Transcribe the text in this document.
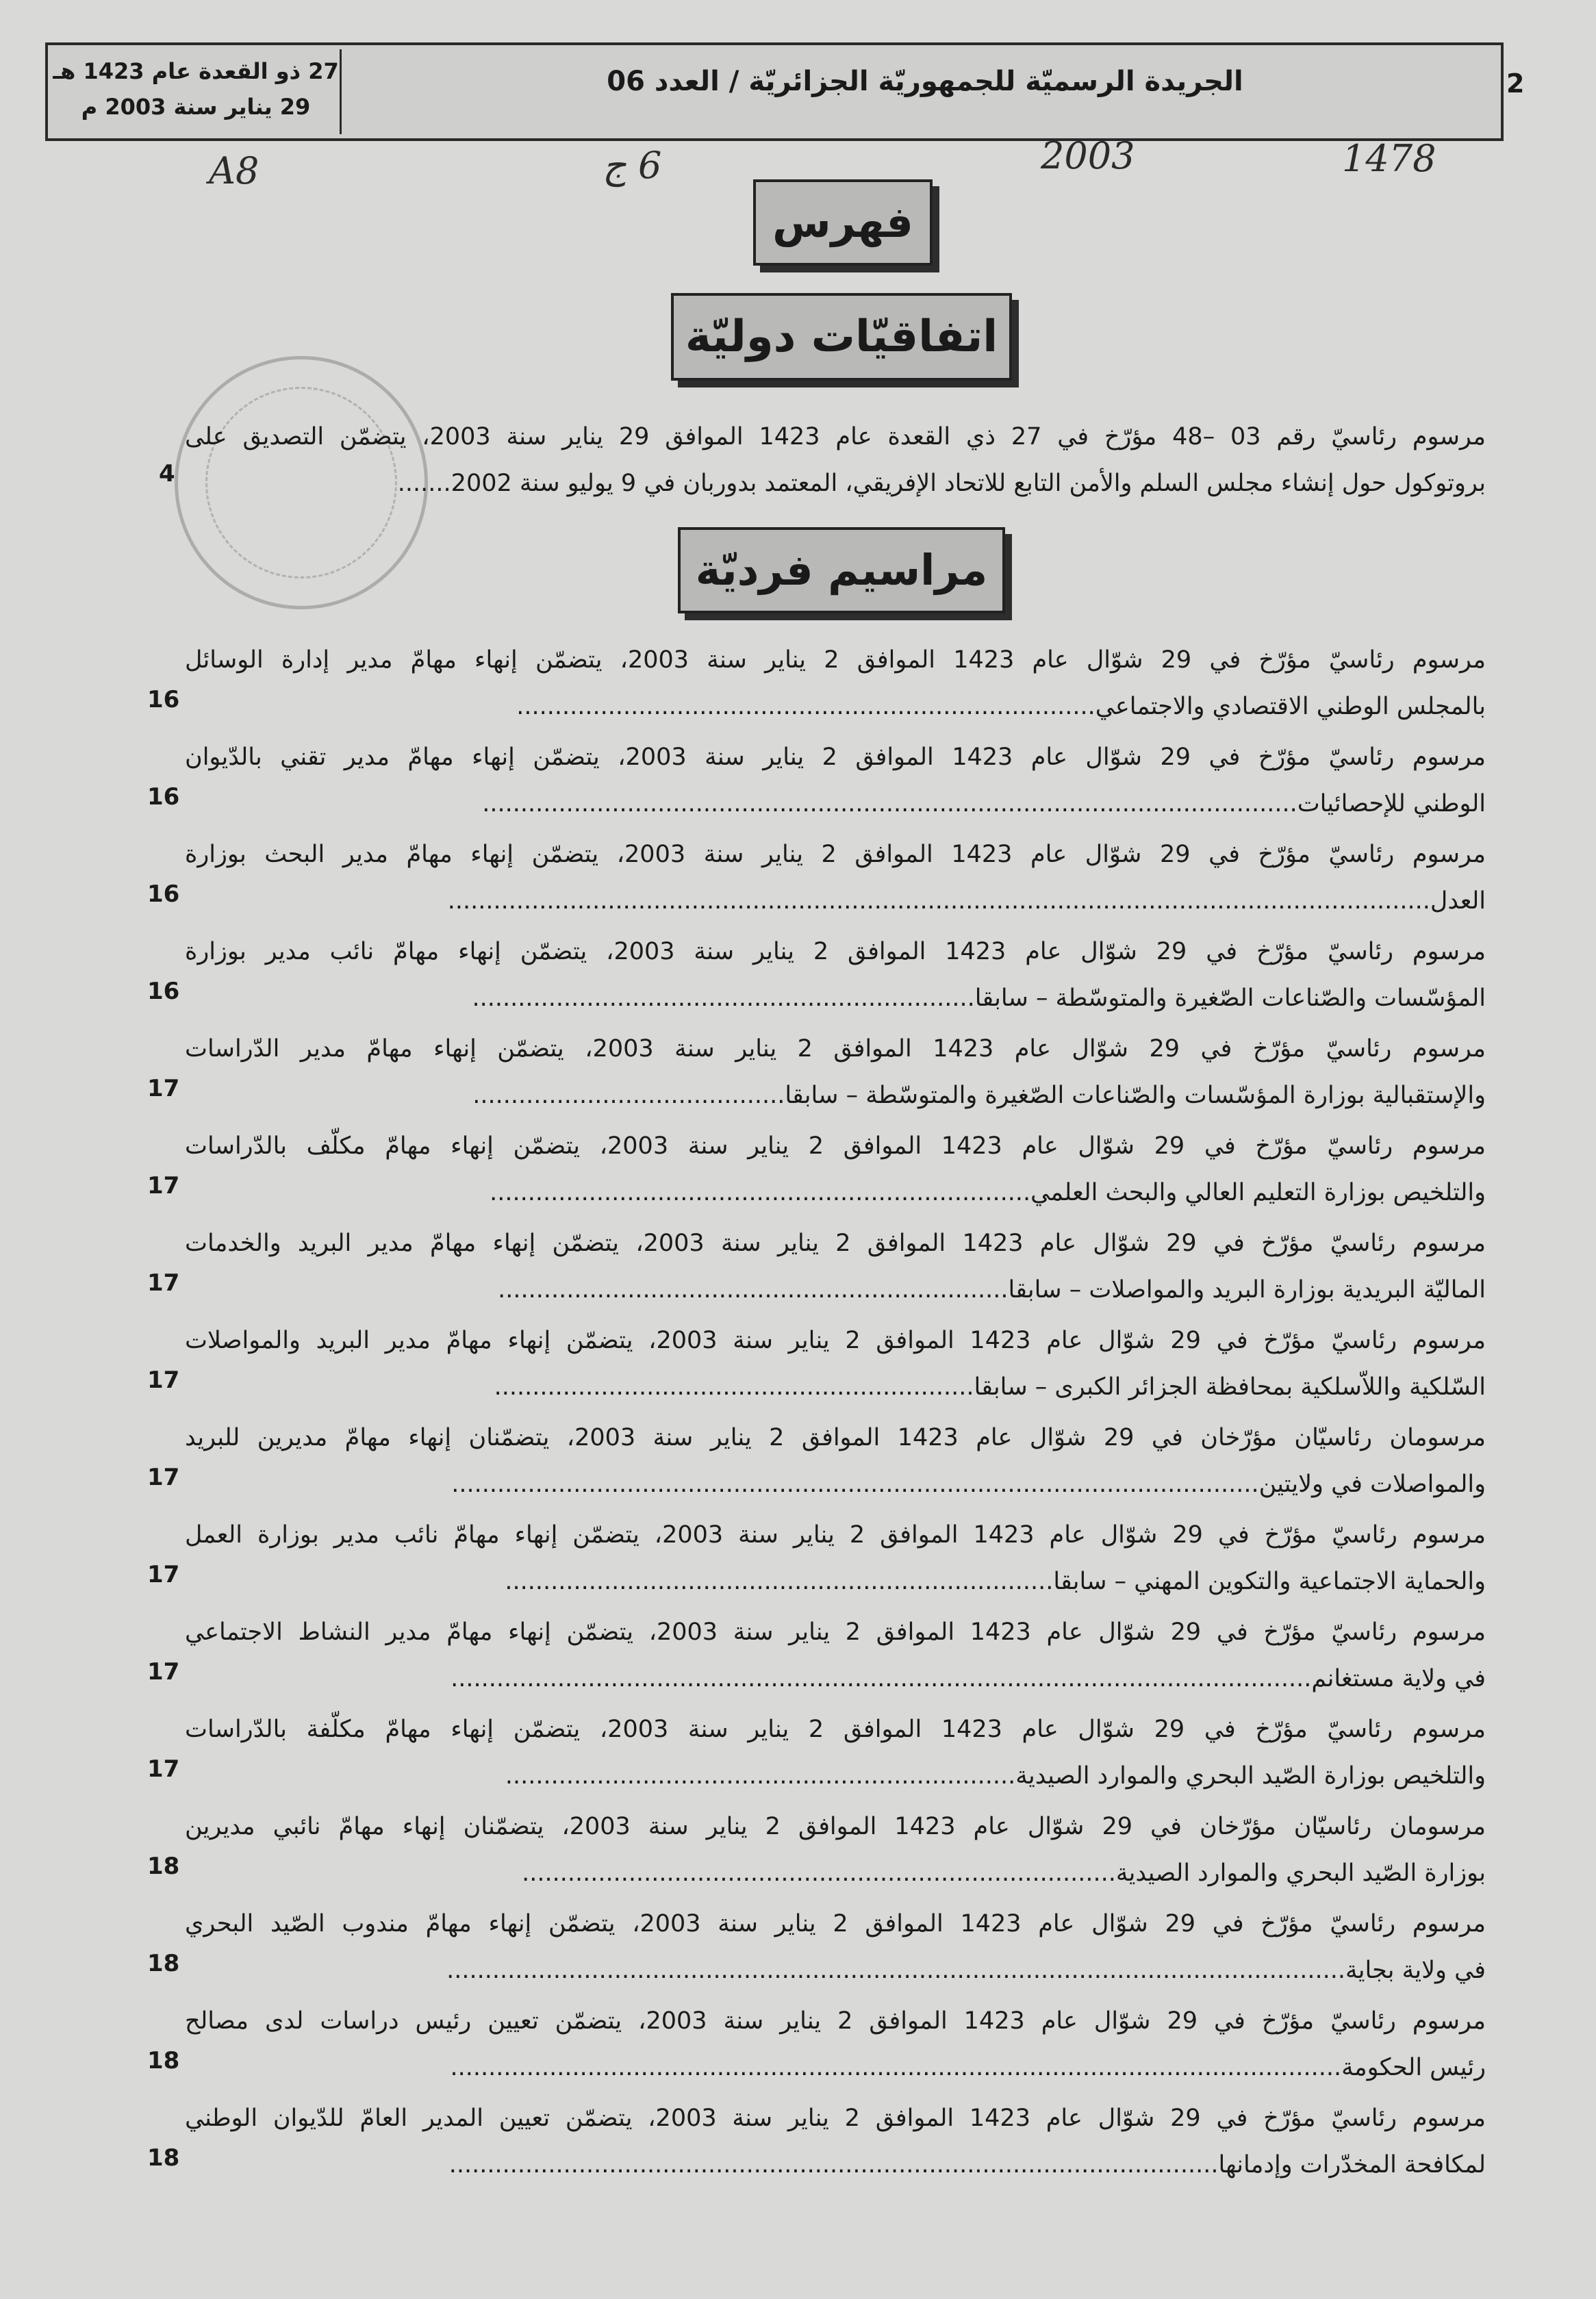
27 ذو القعدة عام 1423 هـ
29 يناير سنة 2003 م
الجريدة الرسميّة للجمهوريّة الجزائريّة / العدد 06	2
1478
2003
6 ج
A8
فهرس
اتفاقيّات دوليّة
مراسيم فرديّة
مرسوم رئاسيّ رقم 03 –48 مؤرّخ في 27 ذي القعدة عام 1423 الموافق 29 يناير سنة 2003، يتضمّن التصديق على
بروتوكول حول إنشاء مجلس السلم والأمن التابع للاتحاد الإفريقي، المعتمد بدوربان في 9 يوليو سنة 2002.......
4
مرسوم رئاسيّ مؤرّخ في 29 شوّال عام 1423 الموافق 2 يناير سنة 2003، يتضمّن إنهاء مهامّ مدير إدارة الوسائل
بالمجلس الوطني الاقتصادي والاجتماعي............................................................................
16
مرسوم رئاسيّ مؤرّخ في 29 شوّال عام 1423 الموافق 2 يناير سنة 2003، يتضمّن إنهاء مهامّ مدير تقني بالدّيوان
الوطني للإحصائيات...........................................................................................................
16
مرسوم رئاسيّ مؤرّخ في 29 شوّال عام 1423 الموافق 2 يناير سنة 2003، يتضمّن إنهاء مهامّ مدير البحث بوزارة
العدل.................................................................................................................................
16
مرسوم رئاسيّ مؤرّخ في 29 شوّال عام 1423 الموافق 2 يناير سنة 2003، يتضمّن إنهاء مهامّ نائب مدير بوزارة
المؤسّسات والصّناعات الصّغيرة والمتوسّطة – سابقا..................................................................
16
مرسوم رئاسيّ مؤرّخ في 29 شوّال عام 1423 الموافق 2 يناير سنة 2003، يتضمّن إنهاء مهامّ مدير الدّراسات
والإستقبالية بوزارة المؤسّسات والصّناعات الصّغيرة والمتوسّطة – سابقا.........................................
17
مرسوم رئاسيّ مؤرّخ في 29 شوّال عام 1423 الموافق 2 يناير سنة 2003، يتضمّن إنهاء مهامّ مكلّف بالدّراسات
والتلخيص بوزارة التعليم العالي والبحث العلمي.......................................................................
17
مرسوم رئاسيّ مؤرّخ في 29 شوّال عام 1423 الموافق 2 يناير سنة 2003، يتضمّن إنهاء مهامّ مدير البريد والخدمات
الماليّة البريدية بوزارة البريد والمواصلات – سابقا...................................................................
17
مرسوم رئاسيّ مؤرّخ في 29 شوّال عام 1423 الموافق 2 يناير سنة 2003، يتضمّن إنهاء مهامّ مدير البريد والمواصلات
السّلكية واللاّسلكية بمحافظة الجزائر الكبرى – سابقا...............................................................
17
مرسومان رئاسيّان مؤرّخان في 29 شوّال عام 1423 الموافق 2 يناير سنة 2003، يتضمّنان إنهاء مهامّ مديرين للبريد
والمواصلات في ولايتين..........................................................................................................
17
مرسوم رئاسيّ مؤرّخ في 29 شوّال عام 1423 الموافق 2 يناير سنة 2003، يتضمّن إنهاء مهامّ نائب مدير بوزارة العمل
والحماية الاجتماعية والتكوين المهني – سابقا........................................................................
17
مرسوم رئاسيّ مؤرّخ في 29 شوّال عام 1423 الموافق 2 يناير سنة 2003، يتضمّن إنهاء مهامّ مدير النشاط الاجتماعي
في ولاية مستغانم.................................................................................................................
17
مرسوم رئاسيّ مؤرّخ في 29 شوّال عام 1423 الموافق 2 يناير سنة 2003، يتضمّن إنهاء مهامّ مكلّفة بالدّراسات
والتلخيص بوزارة الصّيد البحري والموارد الصيدية...................................................................
17
مرسومان رئاسيّان مؤرّخان في 29 شوّال عام 1423 الموافق 2 يناير سنة 2003، يتضمّنان إنهاء مهامّ نائبي مديرين
بوزارة الصّيد البحري والموارد الصيدية..............................................................................
18
مرسوم رئاسيّ مؤرّخ في 29 شوّال عام 1423 الموافق 2 يناير سنة 2003، يتضمّن إنهاء مهامّ مندوب الصّيد البحري
في ولاية بجاية......................................................................................................................
18
مرسوم رئاسيّ مؤرّخ في 29 شوّال عام 1423 الموافق 2 يناير سنة 2003، يتضمّن تعيين رئيس دراسات لدى مصالح
رئيس الحكومة.....................................................................................................................
18
مرسوم رئاسيّ مؤرّخ في 29 شوّال عام 1423 الموافق 2 يناير سنة 2003، يتضمّن تعيين المدير العامّ للدّيوان الوطني
لمكافحة المخدّرات وإدمانها.....................................................................................................
18
